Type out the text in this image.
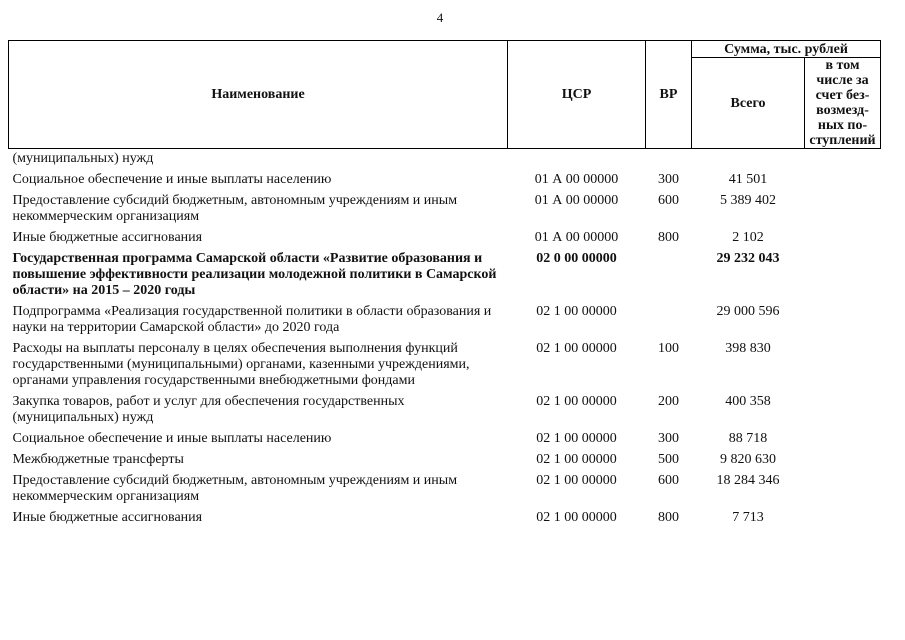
4
Наименование	ЦСР	ВР	Сумма, тыс. рублей	
			Всего	в том числе за счет без-возмезд-ных по-ступлений
(муниципальных) нужд				
Социальное обеспечение и иные выплаты населению	01 А 00 00000	300	41 501	
Предоставление субсидий бюджетным, автономным учреждениям и иным некоммерческим организациям	01 А 00 00000	600	5 389 402	
Иные бюджетные ассигнования	01 А 00 00000	800	2 102	
Государственная программа Самарской области «Развитие образования и повышение эффективности реализации молодежной политики в Самарской области» на 2015 – 2020 годы	02 0 00 00000		29 232 043	
Подпрограмма «Реализация государственной политики в области образования и науки на территории Самарской области» до 2020 года	02 1 00 00000		29 000 596	
Расходы на выплаты персоналу в целях обеспечения выполнения функций государственными (муниципальными) органами, казенными учреждениями, органами управления государственными внебюджетными фондами	02 1 00 00000	100	398 830	
Закупка товаров, работ и услуг для обеспечения государственных (муниципальных) нужд	02 1 00 00000	200	400 358	
Социальное обеспечение и иные выплаты населению	02 1 00 00000	300	88 718	
Межбюджетные трансферты	02 1 00 00000	500	9 820 630	
Предоставление субсидий бюджетным, автономным учреждениям и иным некоммерческим организациям	02 1 00 00000	600	18 284 346	
Иные бюджетные ассигнования	02 1 00 00000	800	7 713	
